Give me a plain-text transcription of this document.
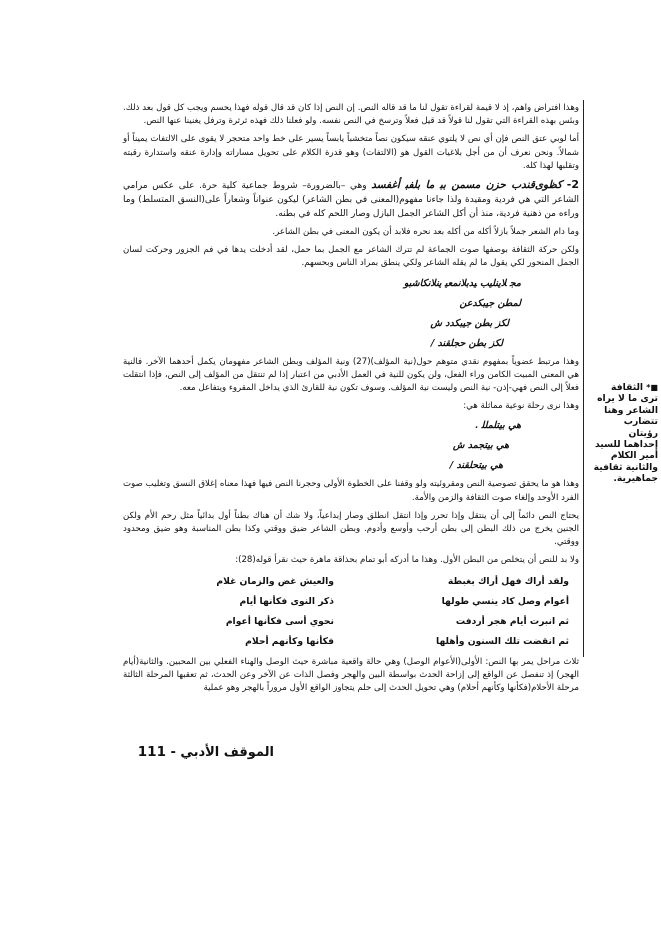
وهذا افتراض واهم، إذ لا قيمة لقراءة تقول لنا ما قد قاله النص. إن النص إذا كان قد قال قوله فهذا يحسم ويجب كل قول بعد ذلك. وبئس بهذه القراءة التي تقول لنا قولاً قد قيل فعلاً وترسخ في النص نفسه. ولو فعلنا ذلك فهذه ثرثرة وترفل يغنينا عنها النص.

أما لوبي عتق النص فإن أي نص لا يلتوي عنقه سيكون نصاً متخشباً يابساً يسير على خط واحد متحجر لا يقوى على الالتفات يميناً أو شمالاً. ونحن نعرف أن من أجل بلاغيات القول هو (الالتفات) وهو قدرة الكلام على تحويل مساراته وإدارة عنقه واستدارة رقبته وتقلبها لهذا كله.

2- ﻛﻈﻮﻯﻗﻨﺪﺏ ﺣﺰﻥ ﻣﺴﻤﻦ ﺑﺒ ﻣﺎ ﺑﻠﻔﺒ ﺃﻏﻔﺴﺪ وهي –بالضرورة– شروط جماعية كلية حرة. على عكس مرامي الشاعر التي هي فردية ومقيدة ولذا جاءنا مفهوم(المعنى في بطن الشاعر) ليكون عنواناً وشعاراً على(النسق المتسلط) وما وراءه من ذهنية فردية، منذ أن أكل الشاعر الجمل البازل وصار اللحم كله في بطنه.

وما دام الشعر جملاً بازلاً أكله من أكله بعد نحره فلابد أن يكون المعنى في بطن الشاعر.

ولكن حركة الثقافة بوصفها صوت الجماعة لم تترك الشاعر مع الجمل بما حمل، لقد أدخلت يدها في فم الجزور وحركت لسان الجمل المنحور لكي يقول ما لم يقله الشاعر ولكي ينطق بمراد الناس وبحسهم.

ﻣﺠ ﻼﻳﻨﻠﻴﺐ ﻴﺪﺑﻼﻧﻤﻌﻴ ﻳﻨﻼﻧﻜﺎﺷﺒﻮ

ﻟﻤﻄﻦ ﺟﻴﺒﻜﺪﻋﻦ

ﻟﻜﺰ ﺑﻄﻦ ﺟﻴﺒﻜﺪﺩ ﺵ

ﻟﻜﺰ ﺑﻄﻦ ﺣﺠﻠﻘﻨﺪ /

وهذا مرتبط عضوياً بمفهوم نقدي متوهم حول(نية المؤلف)(27) ونية المؤلف وبطن الشاعر مفهومان يكمل أحدهما الآخر. فالنية هي المعنى المبيت الكامن وراء الفعل، ولن يكون للنية في العمل الأدبي من اعتبار إذا لم تنتقل من المؤلف إلى النص، فإذا انتقلت فعلاً إلى النص فهي-إذن- نية النص وليست نية المؤلف. وسوف تكون نية للقارئ الذي يداخل المقروء ويتفاعل معه.

وهذا نرى رحلة نوعية مماثلة هي:

ﻫﻲ ﺑﻴﺘﻠﻤﻠﻠ .

ﻫﻲ ﺑﻴﺘﺠﻤﺪ ﺵ

ﻫﻲ ﺑﻴﺘﺤﻠﻘﻨﺪ /

وهذا هو ما يحقق تصوصية النص ومقروئيته ولو وقفنا على الخطوة الأولى وحجرنا النص فيها فهذا معناه إغلاق النسق وتغليب صوت الفرد الأوحد وإلغاء صوت الثقافة والزمن والأمة.

يحتاج النص دائماً إلى أن ينتقل وإذا تحرر وإذا انتقل انطلق وصار إبداعياً، ولا شك أن هناك بطناً أول بدائياً مثل رحم الأم ولكن الجنين يخرج من ذلك البطن إلى بطن أرحب وأوسع وأدوم. وبطن الشاعر ضيق ووقتي وكذا بطن المناسبة وهو ضيق ومحدود ووقتي.

ولا بد للنص أن يتخلص من البطن الأول. وهذا ما أدركه أبو تمام بحذاقة ماهرة حيث نقرأ قوله(28):

ولقد أراك فهل أراك بغبطة
والعيش غض والزمان غلام
أعوام وصل كاد ينسي طولها
ذكر النوى فكأنها أيام
ثم انبرت أيام هجر أردفت
نحوي أسى فكأنها أعوام
ثم انقضت تلك السنون وأهلها
فكأنها وكأنهم أحلام

ثلاث مراحل يمر بها النص: الأولى(الأعوام الوصل) وهي حالة واقعية مباشرة حيث الوصل والهناء الفعلي بين المحبين. والثانية(أيام الهجر) إذ تنفصل عن الواقع إلى إزاحة الحدث بواسطة البين والهجر وفصل الذات عن الآخر وعن الحدث، ثم تعقبها المرحلة الثالثة مرحلة الأحلام(فكأنها وكأنهم أحلام) وهي تحويل الحدث إلى حلم يتجاوز الواقع الأول مروراً بالهجر وهو عملية

■* الثقافة ترى ما لا يراه الشاعر وهنا تتضارب رؤيتان إحداهما للسيد أمير الكلام والثانية ثقافية جماهيرية.
الموقف الأدبي - 111
